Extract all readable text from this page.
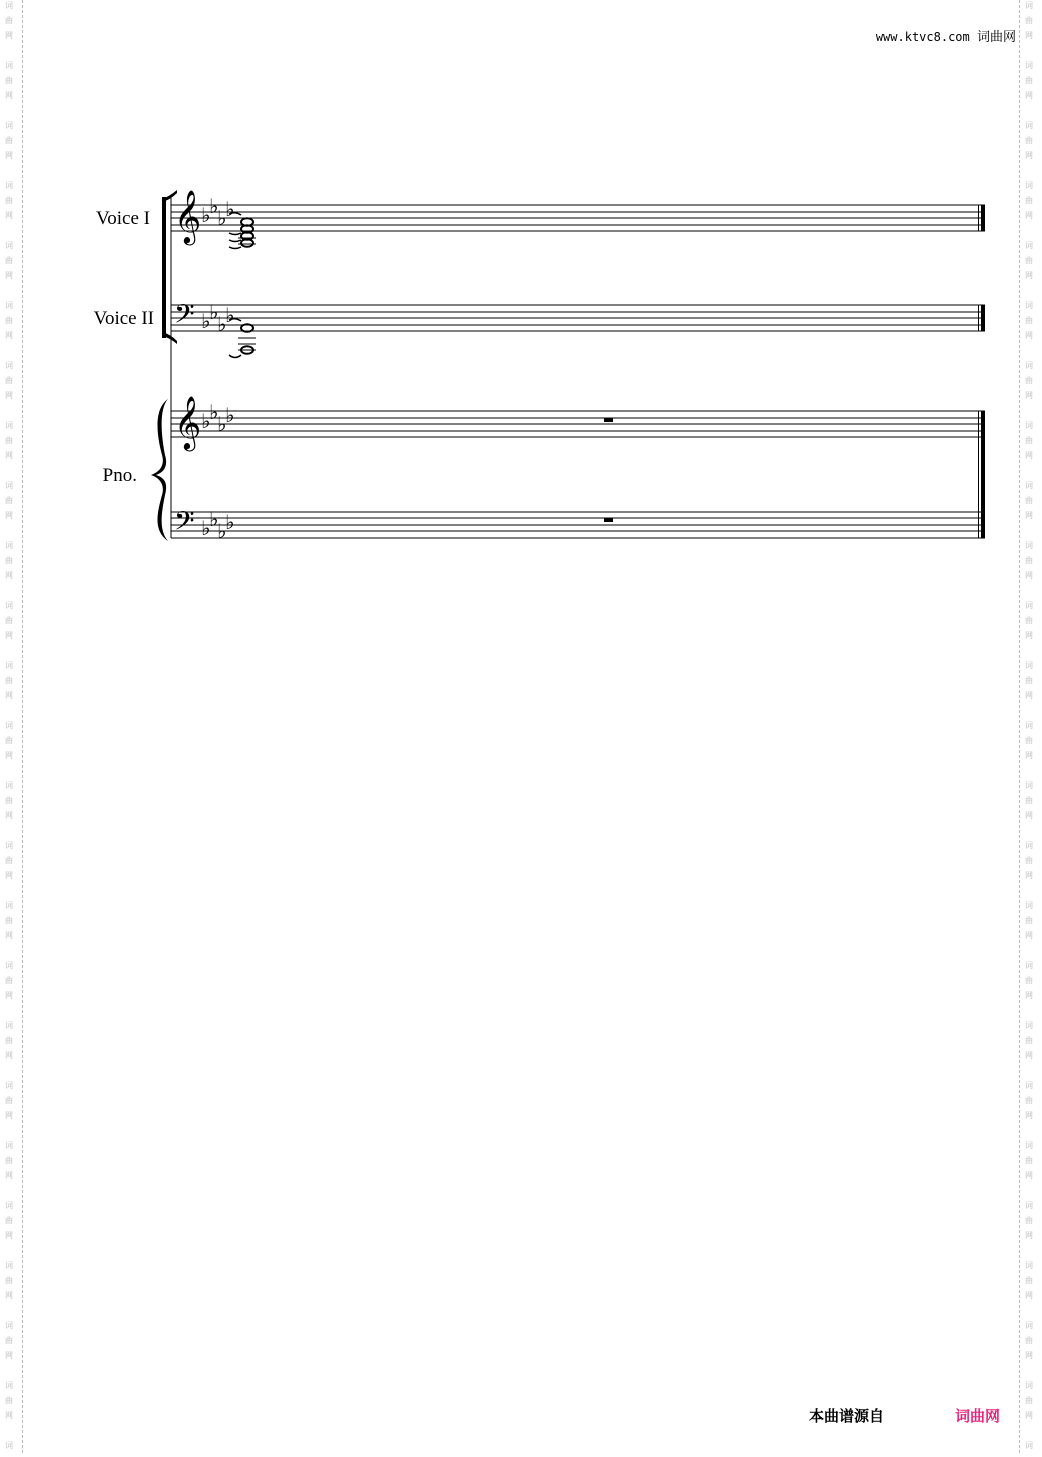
词
曲
网
词
曲
网
词
曲
网
词
曲
网
词
曲
网
词
曲
网
词
曲
网
词
曲
网
词
曲
网
词
曲
网
词
曲
网
词
曲
网
词
曲
网
词
曲
网
词
曲
网
词
曲
网
词
曲
网
词
曲
网
词
曲
网
词
曲
网
词
曲
网
词
曲
网
词
曲
网
词
曲
网
词
词
曲
网
词
曲
网
词
曲
网
词
曲
网
词
曲
网
词
曲
网
词
曲
网
词
曲
网
词
曲
网
词
曲
网
词
曲
网
词
曲
网
词
曲
网
词
曲
网
词
曲
网
词
曲
网
词
曲
网
词
曲
网
词
曲
网
词
曲
网
词
曲
网
词
曲
网
词
曲
网
词
曲
网
词
www.ktvc8.com 词曲网
Voice I
Voice II
Pno.
𝄞
𝄢
𝄞
𝄢
♭
♭
♭
♭
♭
♭
♭
♭
♭
♭
♭
♭
♭
♭
♭
♭
本曲谱源自	词曲网
